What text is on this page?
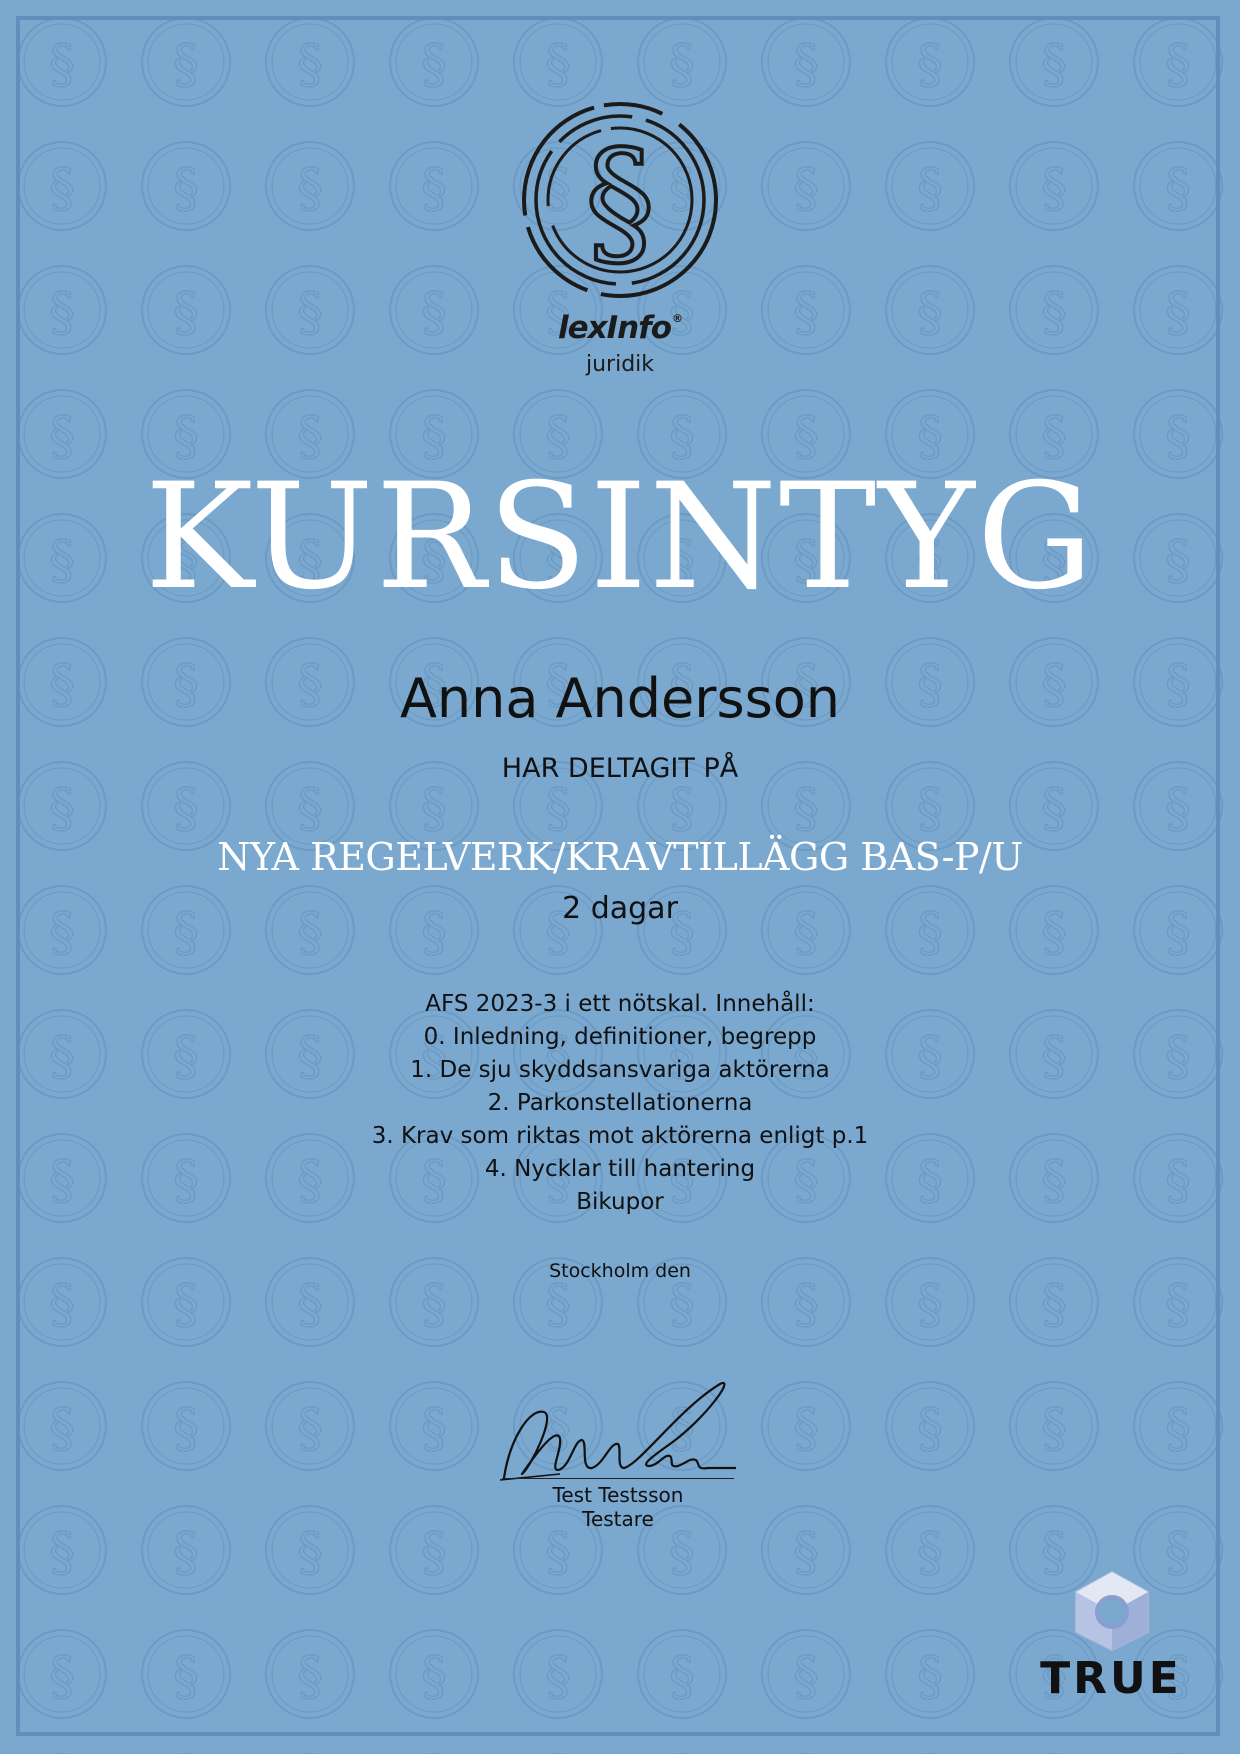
§
lexInfo®
juridik
KURSINTYG
Anna Andersson
HAR DELTAGIT PÅ
NYA REGELVERK/KRAVTILLÄGG BAS-P/U
2 dagar
AFS 2023-3 i ett nötskal. Innehåll:
0. Inledning, definitioner, begrepp
1. De sju skyddsansvariga aktörerna
2. Parkonstellationerna
3. Krav som riktas mot aktörerna enligt p.1
4. Nycklar till hantering
Bikupor
Stockholm den
Test Testsson
Testare
TRUE
